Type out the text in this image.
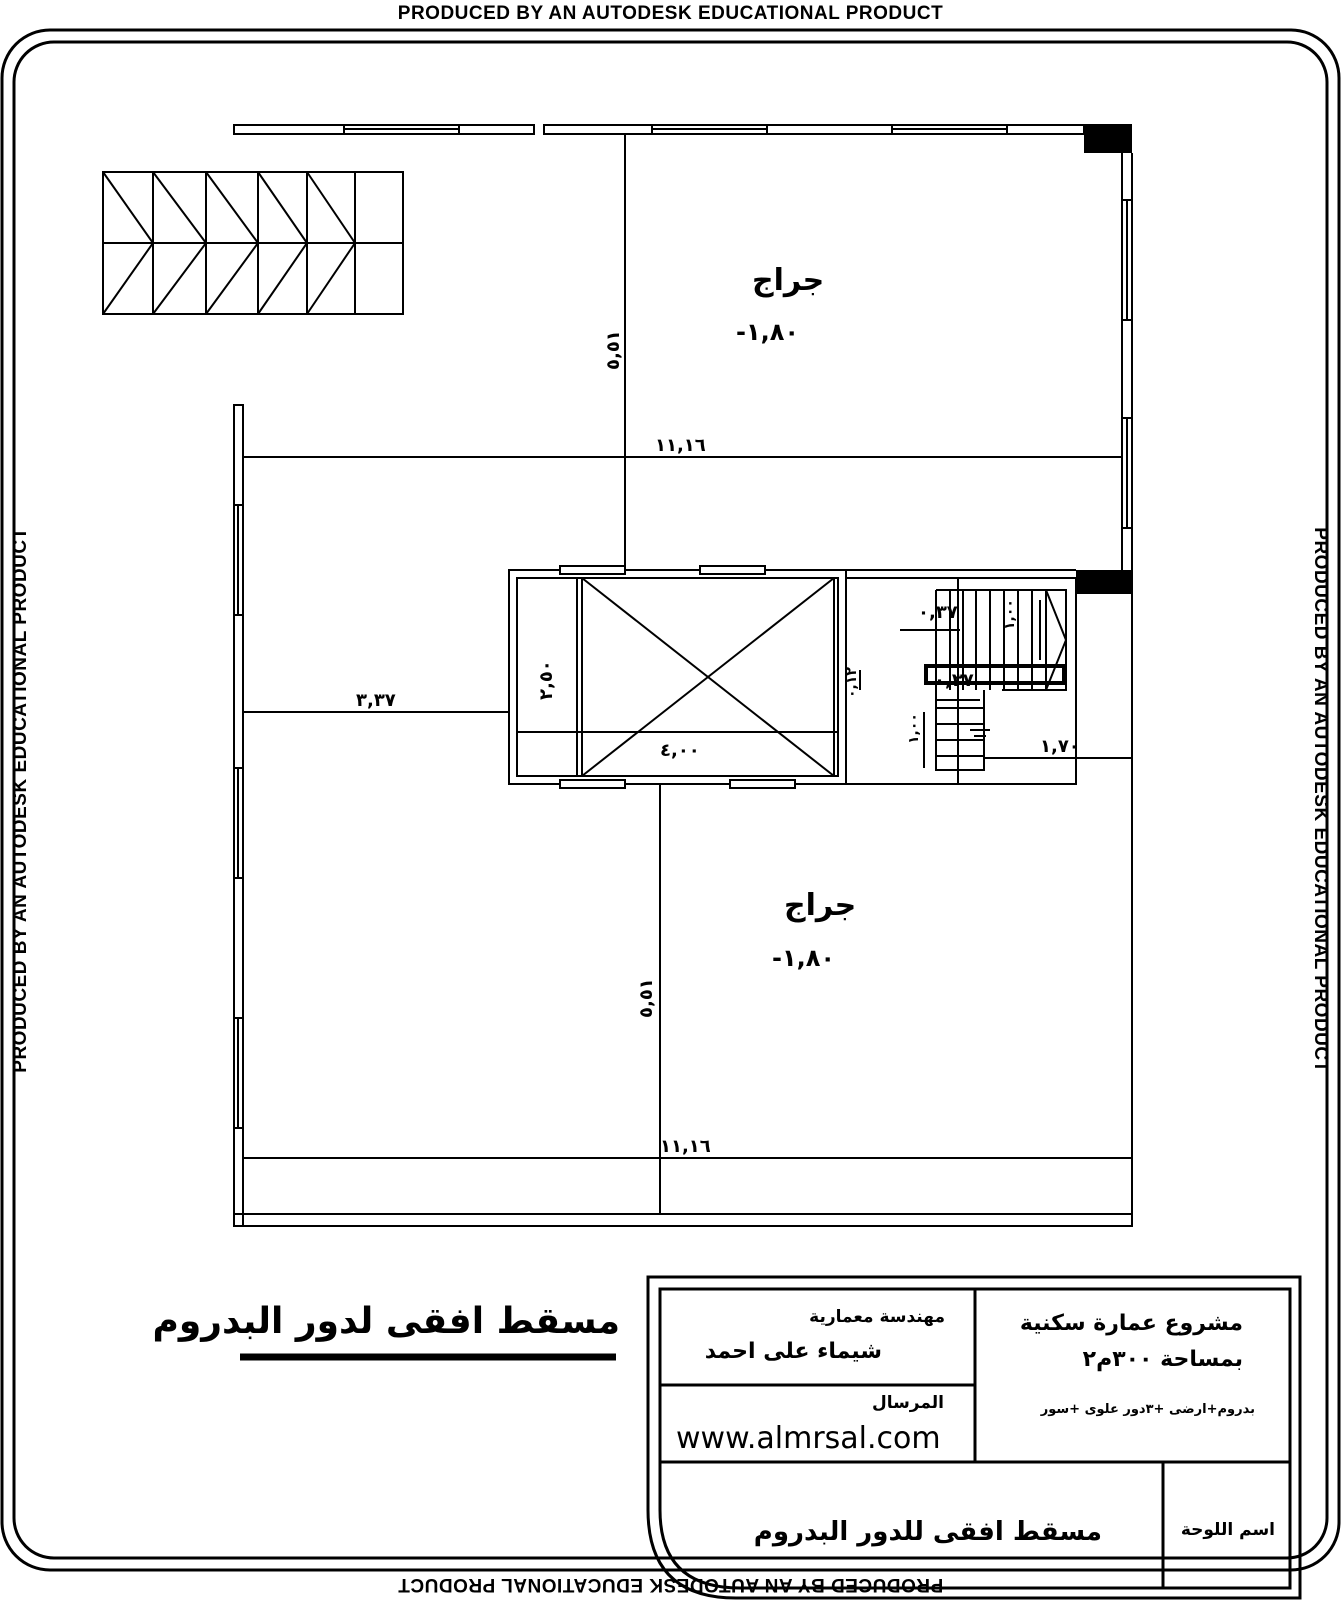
PRODUCED BY AN AUTODESK EDUCATIONAL PRODUCT
PRODUCED BY AN AUTODESK EDUCATIONAL PRODUCT
PRODUCED BY AN AUTODESK EDUCATIONAL PRODUCT	PRODUCED BY AN AUTODESK EDUCATIONAL PRODUCT
١١,١٦
١١,١٦
٥,٥١
٥,٥١
٣,٣٧
٤,٠٠
٢,٥٠
١,٧٠
٠,٣٧
٠,٣٧
١,٠٠
١,٠٠
٠,١٢
جراج
-١,٨٠
جراج
-١,٨٠
مسقط افقى لدور البدروم	مهندسة معمارية
شيماء على احمد
مشروع عمارة سكنية
بمساحة ٣٠٠م٢
بدروم+ارضى +٣دور علوى +سور
المرسال
www.almrsal.com
اسم اللوحة
مسقط افقى للدور البدروم
